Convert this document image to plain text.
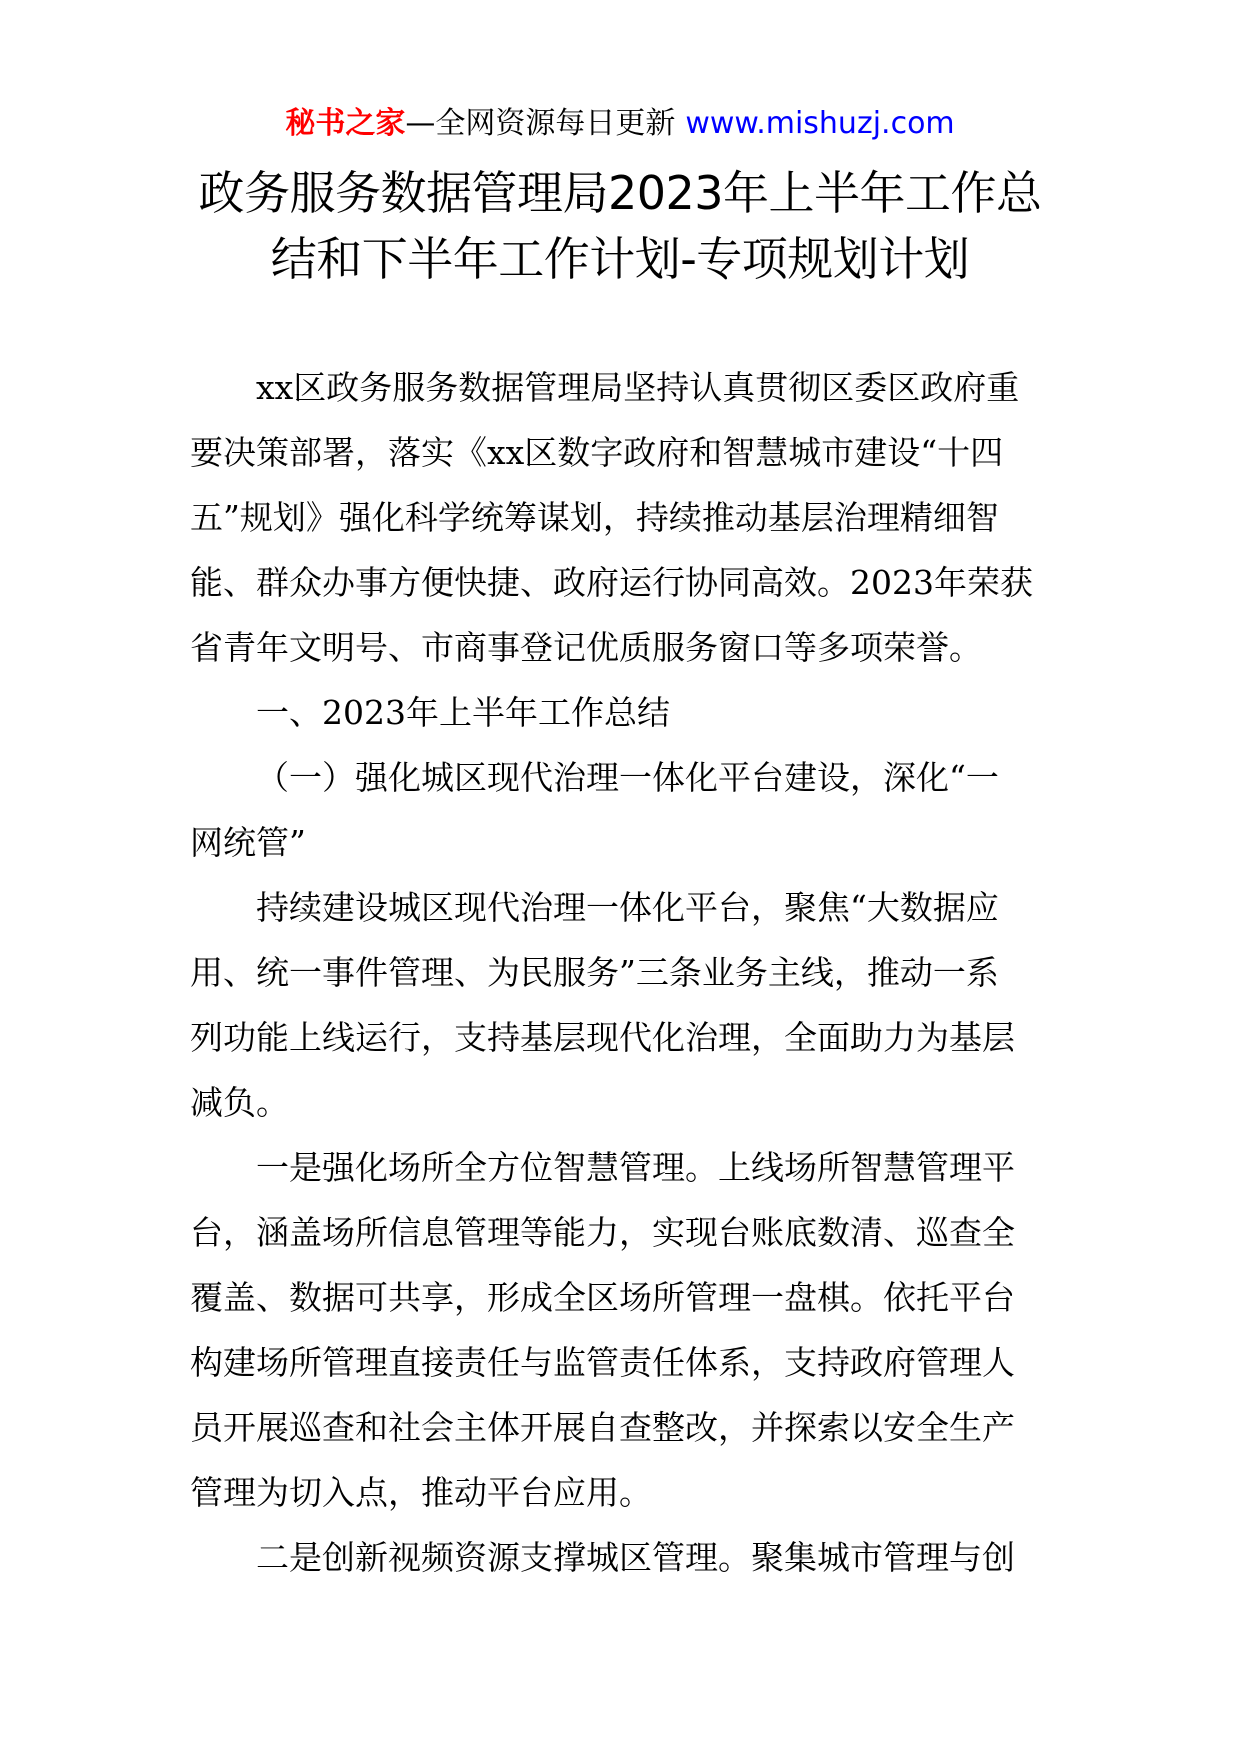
秘书之家—全网资源每日更新 www.mishuzj.com
政务服务数据管理局2023年上半年工作总
结和下半年工作计划-专项规划计划
xx区政务服务数据管理局坚持认真贯彻区委区政府重
要决策部署，落实《xx区数字政府和智慧城市建设“十四
五”规划》强化科学统筹谋划，持续推动基层治理精细智
能、群众办事方便快捷、政府运行协同高效。2023年荣获
省青年文明号、市商事登记优质服务窗口等多项荣誉。
一、2023年上半年工作总结
（一）强化城区现代治理一体化平台建设，深化“一
网统管”
持续建设城区现代治理一体化平台，聚焦“大数据应
用、统一事件管理、为民服务”三条业务主线，推动一系
列功能上线运行，支持基层现代化治理，全面助力为基层
减负。
一是强化场所全方位智慧管理。上线场所智慧管理平
台，涵盖场所信息管理等能力，实现台账底数清、巡查全
覆盖、数据可共享，形成全区场所管理一盘棋。依托平台
构建场所管理直接责任与监管责任体系，支持政府管理人
员开展巡查和社会主体开展自查整改，并探索以安全生产
管理为切入点，推动平台应用。
二是创新视频资源支撑城区管理。聚集城市管理与创
